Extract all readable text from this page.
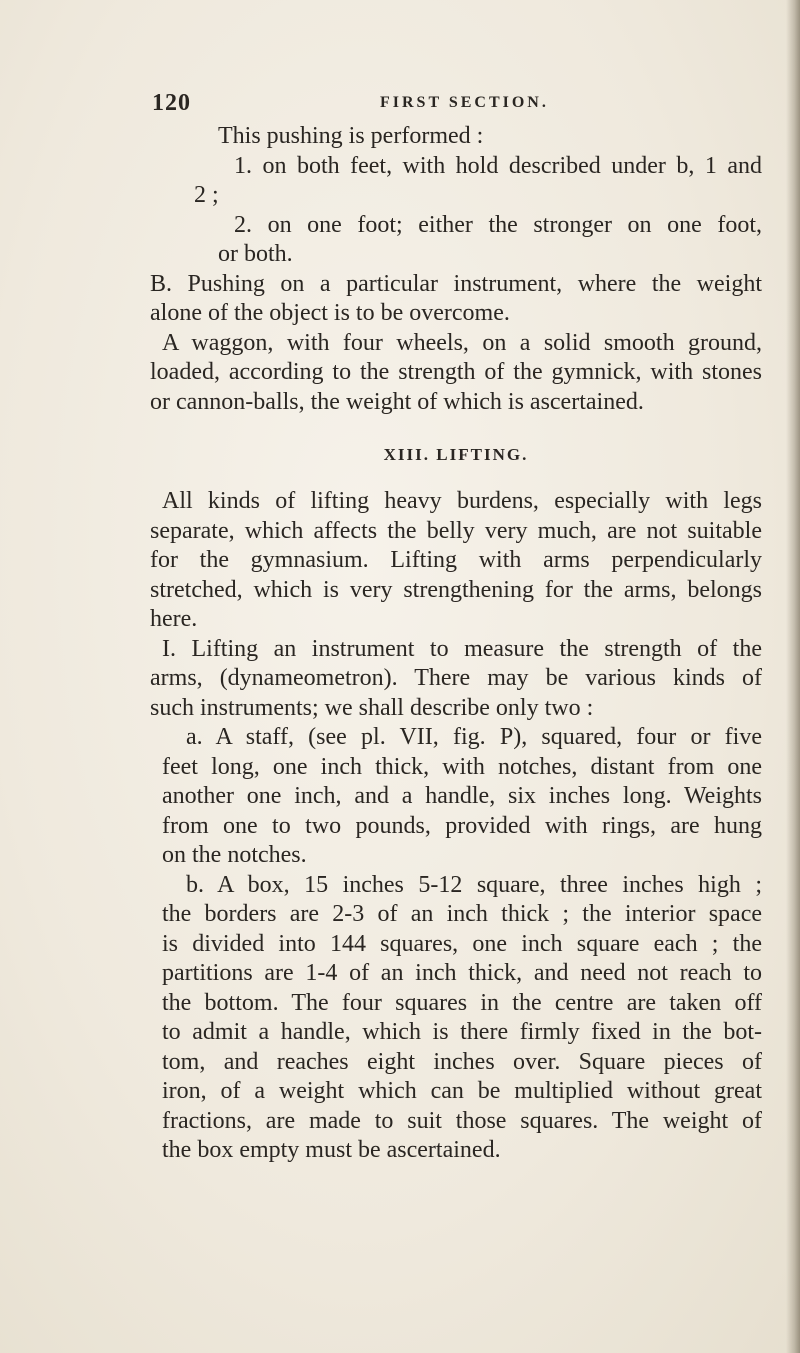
120	FIRST SECTION.
This pushing is performed :
1. on both feet, with hold described under b, 1 and
2 ;
2. on one foot; either the stronger on one foot,
or both.
B. Pushing on a particular instrument, where the weight
alone of the object is to be overcome.
A waggon, with four wheels, on a solid smooth ground,
loaded, according to the strength of the gymnick, with stones
or cannon-balls, the weight of which is ascertained.
XIII. LIFTING.
All kinds of lifting heavy burdens, especially with legs
separate, which affects the belly very much, are not suitable
for the gymnasium. Lifting with arms perpendicularly
stretched, which is very strengthening for the arms, belongs
here.
I. Lifting an instrument to measure the strength of the
arms, (dynameometron). There may be various kinds of
such instruments; we shall describe only two :
a. A staff, (see pl. VII, fig. P), squared, four or five
feet long, one inch thick, with notches, distant from one
another one inch, and a handle, six inches long. Weights
from one to two pounds, provided with rings, are hung
on the notches.
b. A box, 15 inches 5-12 square, three inches high ;
the borders are 2-3 of an inch thick ; the interior space
is divided into 144 squares, one inch square each ; the
partitions are 1-4 of an inch thick, and need not reach to
the bottom. The four squares in the centre are taken off
to admit a handle, which is there firmly fixed in the bot-
tom, and reaches eight inches over. Square pieces of
iron, of a weight which can be multiplied without great
fractions, are made to suit those squares. The weight of
the box empty must be ascertained.
